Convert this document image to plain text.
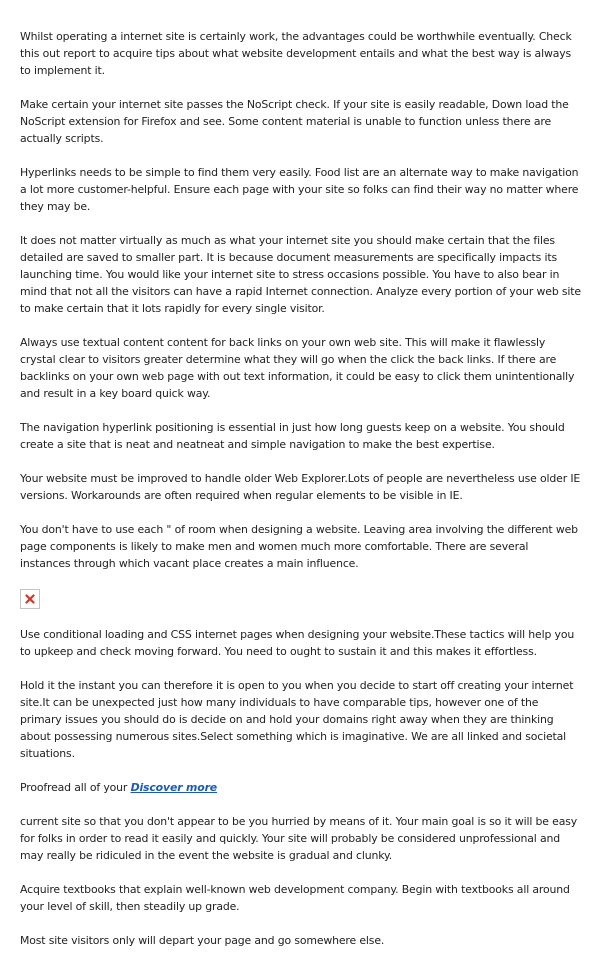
Whilst operating a internet site is certainly work, the advantages could be worthwhile eventually. Check this out report to acquire tips about what website development entails and what the best way is always to implement it.

Make certain your internet site passes the NoScript check. If your site is easily readable, Down load the NoScript extension for Firefox and see. Some content material is unable to function unless there are actually scripts.

Hyperlinks needs to be simple to find them very easily. Food list are an alternate way to make navigation a lot more customer-helpful. Ensure each page with your site so folks can find their way no matter where they may be.

It does not matter virtually as much as what your internet site you should make certain that the files detailed are saved to smaller part. It is because document measurements are specifically impacts its launching time. You would like your internet site to stress occasions possible. You have to also bear in mind that not all the visitors can have a rapid Internet connection. Analyze every portion of your web site to make certain that it lots rapidly for every single visitor.

Always use textual content content for back links on your own web site. This will make it flawlessly crystal clear to visitors greater determine what they will go when the click the back links. If there are backlinks on your own web page with out text information, it could be easy to click them unintentionally and result in a key board quick way.

The navigation hyperlink positioning is essential in just how long guests keep on a website. You should create a site that is neat and neatneat and simple navigation to make the best expertise.

Your website must be improved to handle older Web Explorer.Lots of people are nevertheless use older IE versions. Workarounds are often required when regular elements to be visible in IE.

You don't have to use each " of room when designing a website. Leaving area involving the different web page components is likely to make men and women much more comfortable. There are several instances through which vacant place creates a main influence.

Use conditional loading and CSS internet pages when designing your website.These tactics will help you to upkeep and check moving forward. You need to ought to sustain it and this makes it effortless.

Hold it the instant you can therefore it is open to you when you decide to start off creating your internet site.It can be unexpected just how many individuals to have comparable tips, however one of the primary issues you should do is decide on and hold your domains right away when they are thinking about possessing numerous sites.Select something which is imaginative. We are all linked and societal situations.

Proofread all of your Discover more

current site so that you don't appear to be you hurried by means of it. Your main goal is so it will be easy for folks in order to read it easily and quickly. Your site will probably be considered unprofessional and may really be ridiculed in the event the website is gradual and clunky.

Acquire textbooks that explain well-known web development company. Begin with textbooks all around your level of skill, then steadily up grade.

Most site visitors only will depart your page and go somewhere else.
